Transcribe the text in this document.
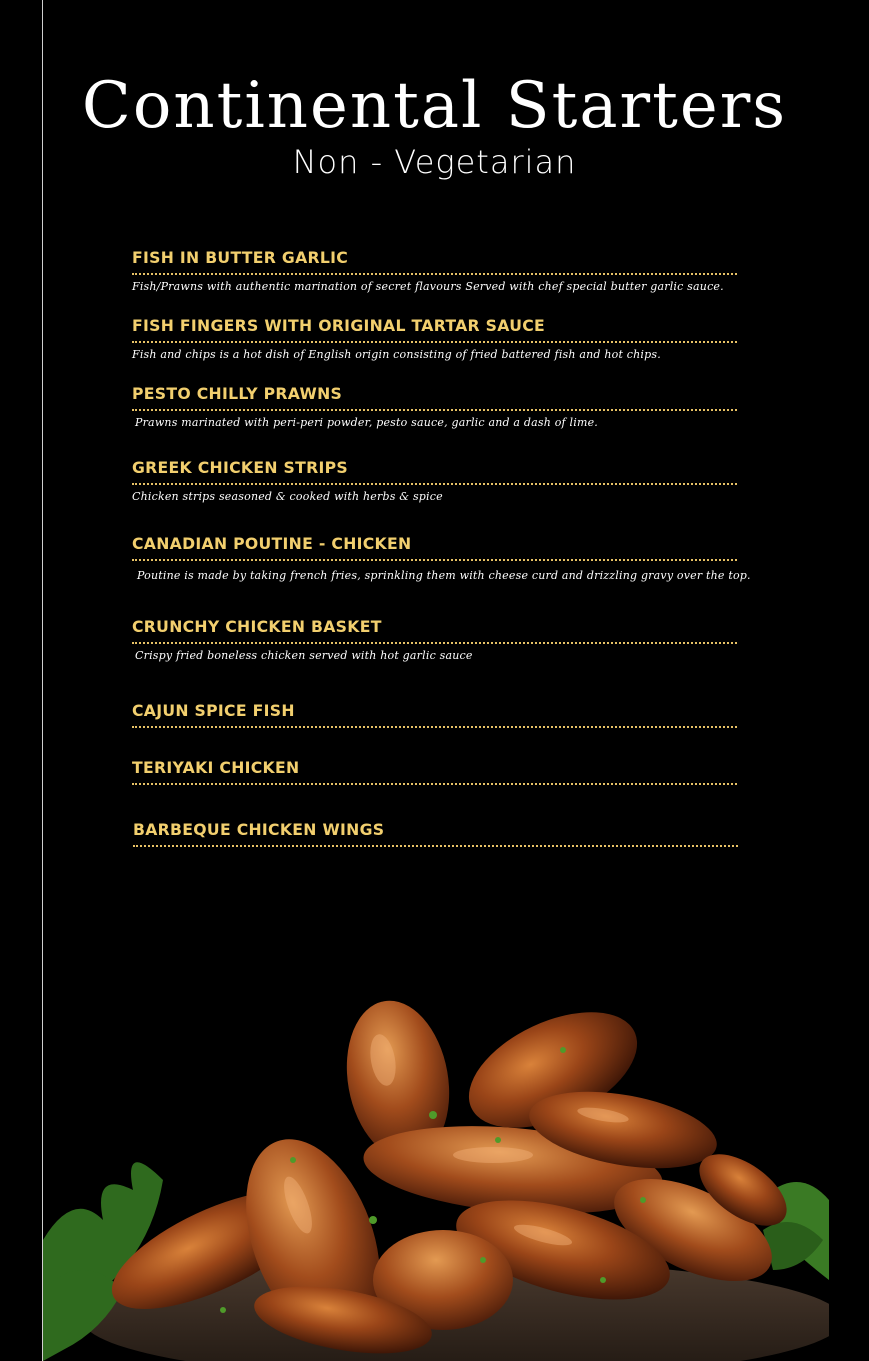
Continental Starters
Non - Vegetarian
FISH IN BUTTER GARLIC
Fish/Prawns with authentic marination of secret flavours Served with chef special butter garlic sauce.
FISH FINGERS WITH ORIGINAL TARTAR SAUCE
Fish and chips is a hot dish of English origin consisting of fried battered fish and hot chips.
PESTO CHILLY PRAWNS
Prawns marinated with peri-peri powder, pesto sauce, garlic and a dash of lime.
GREEK CHICKEN STRIPS
Chicken strips seasoned & cooked with herbs & spice
CANADIAN POUTINE - CHICKEN
Poutine is made by taking french fries, sprinkling them with cheese curd and drizzling gravy over the top.
CRUNCHY CHICKEN BASKET
Crispy fried boneless chicken served with hot garlic sauce
CAJUN SPICE FISH
TERIYAKI CHICKEN
BARBEQUE CHICKEN WINGS
